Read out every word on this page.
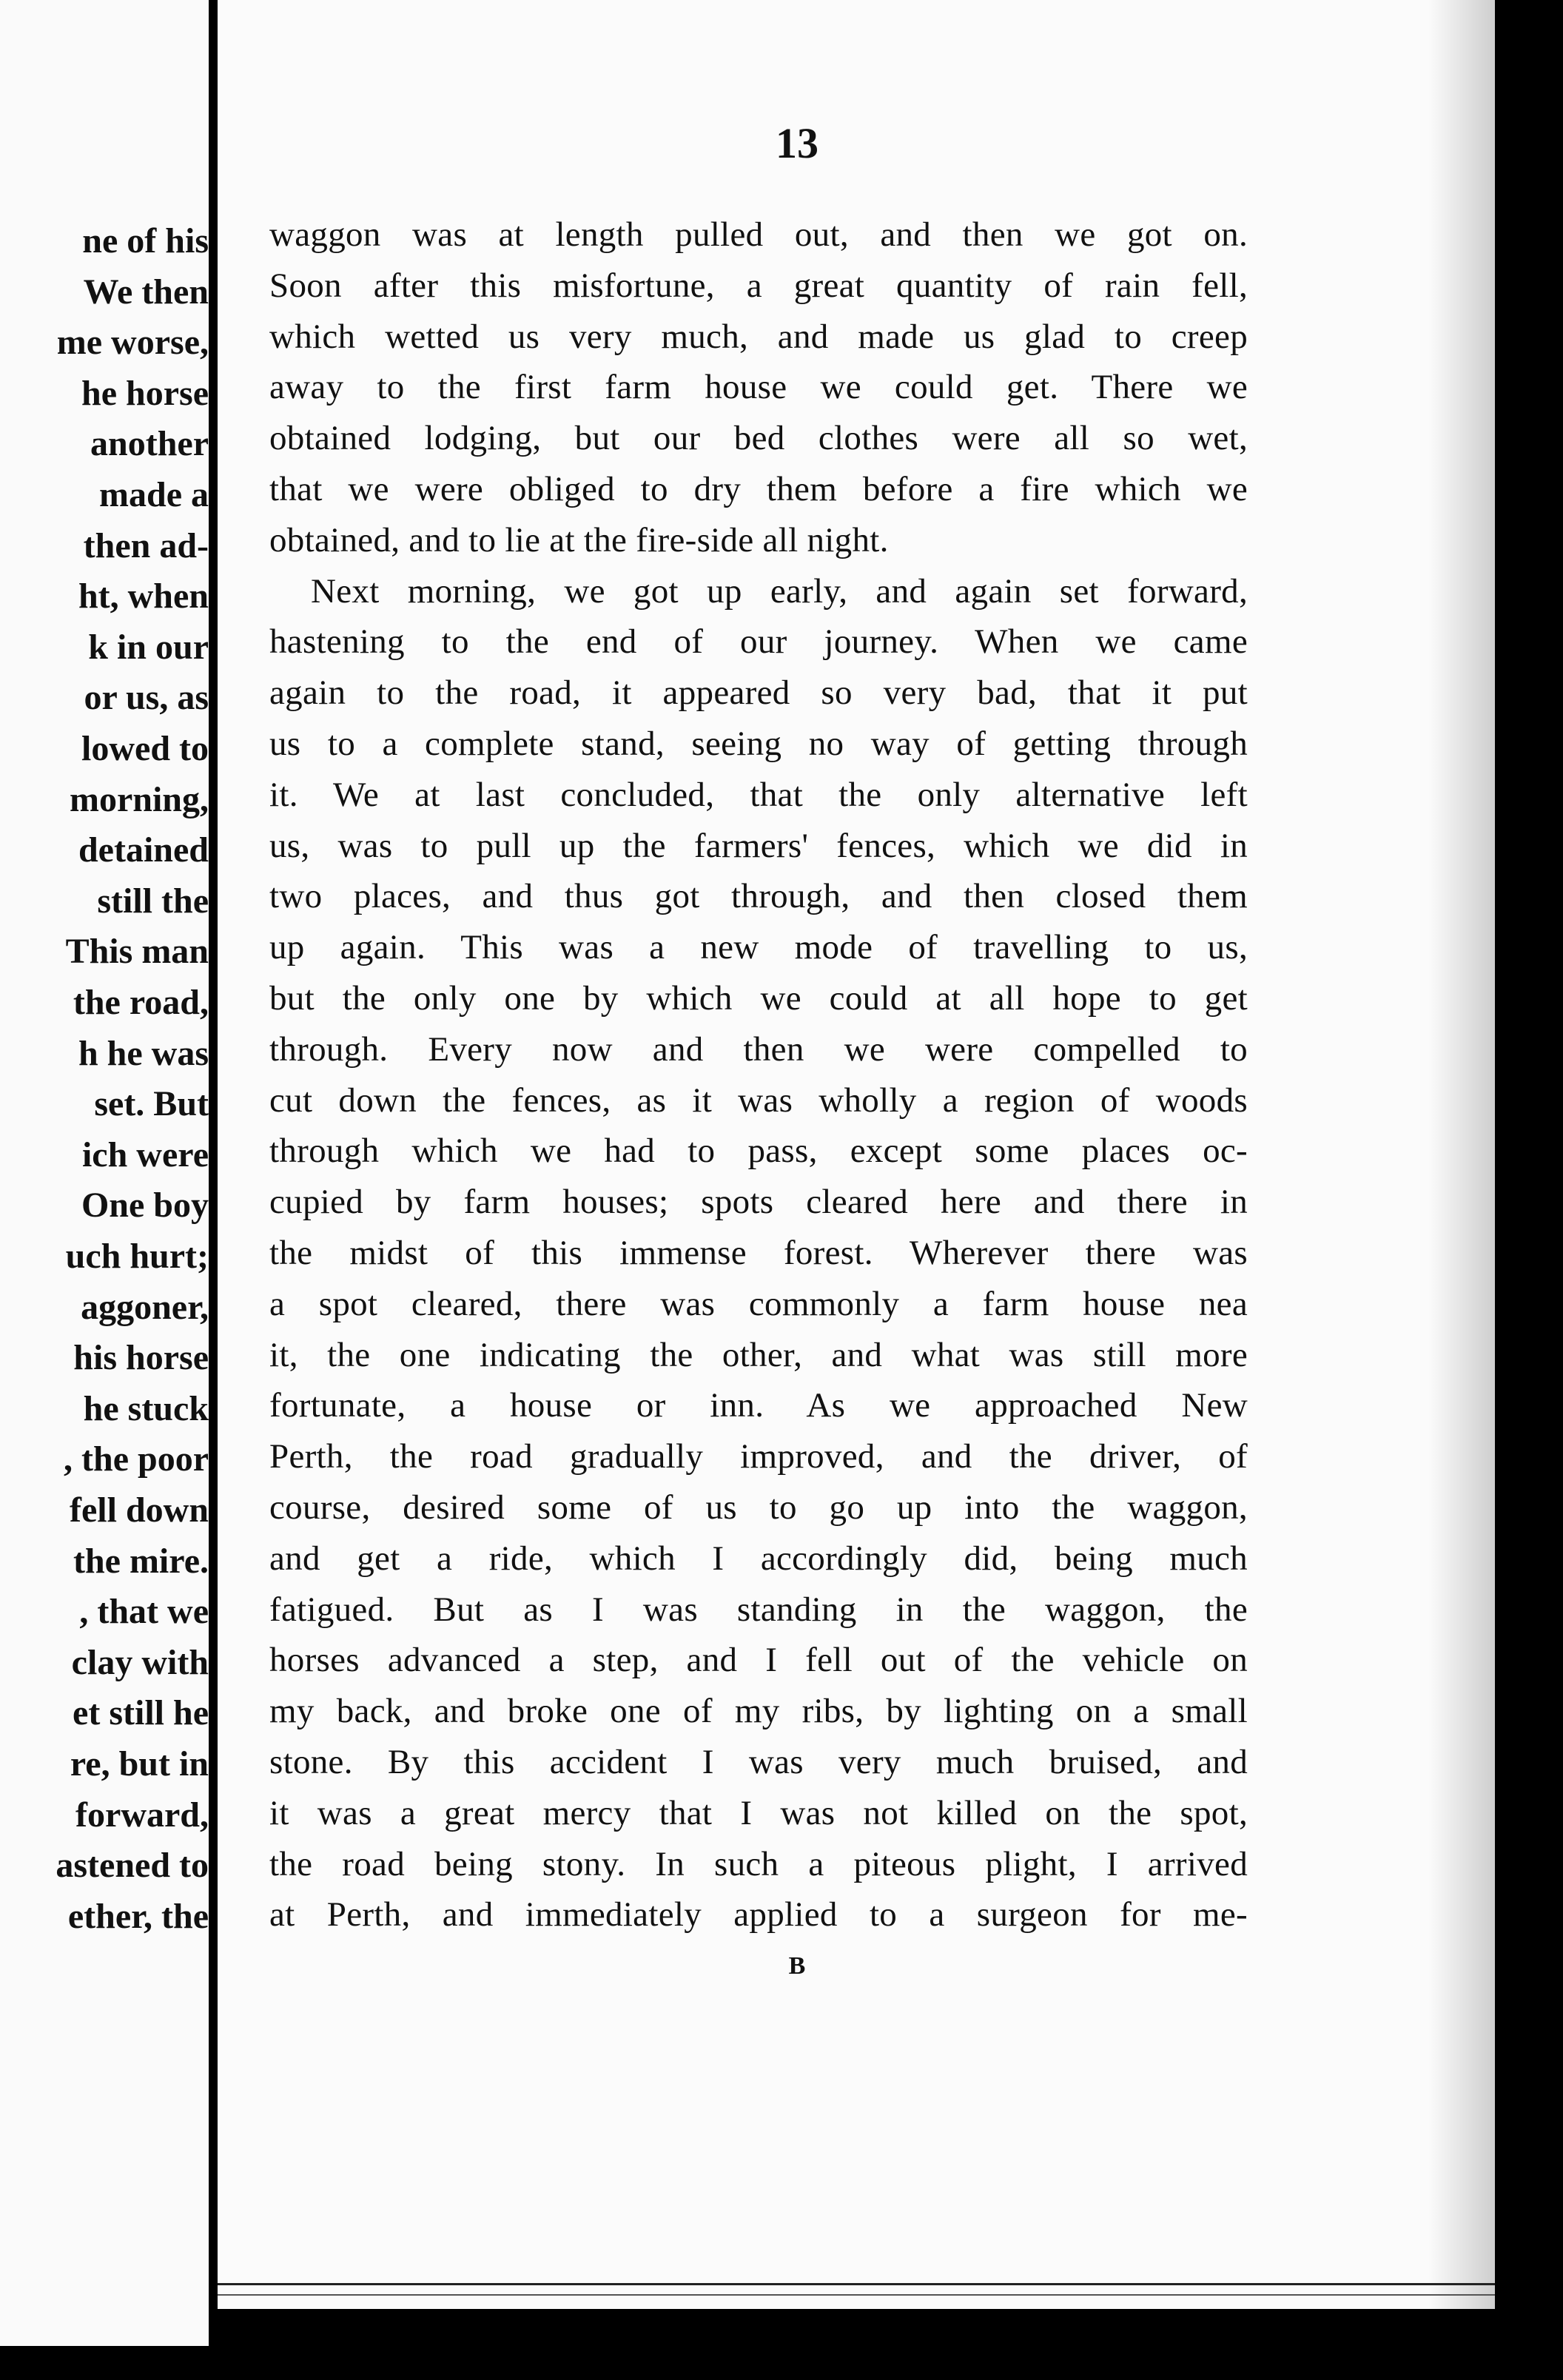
ne of his
We then
me worse,
he horse
another
made a
then ad-
ht, when
k in our
or us, as
lowed to
morning,
detained
still the
This man
the road,
h he was
set. But
ich were
One boy
uch hurt;
aggoner,
his horse
he stuck
, the poor
fell down
the mire.
, that we
clay with
et still he
re, but in
forward,
astened to
ether, the
13
waggon was at length pulled out, and then we got on.
Soon after this misfortune, a great quantity of rain fell,
which wetted us very much, and made us glad to creep
away to the first farm house we could get. There we
obtained lodging, but our bed clothes were all so wet,
that we were obliged to dry them before a fire which we
obtained, and to lie at the fire-side all night.
Next morning, we got up early, and again set forward,
hastening to the end of our journey. When we came
again to the road, it appeared so very bad, that it put
us to a complete stand, seeing no way of getting through
it. We at last concluded, that the only alternative left
us, was to pull up the farmers' fences, which we did in
two places, and thus got through, and then closed them
up again. This was a new mode of travelling to us,
but the only one by which we could at all hope to get
through. Every now and then we were compelled to
cut down the fences, as it was wholly a region of woods
through which we had to pass, except some places oc-
cupied by farm houses; spots cleared here and there in
the midst of this immense forest. Wherever there was
a spot cleared, there was commonly a farm house nea
it, the one indicating the other, and what was still more
fortunate, a house or inn. As we approached New
Perth, the road gradually improved, and the driver, of
course, desired some of us to go up into the waggon,
and get a ride, which I accordingly did, being much
fatigued. But as I was standing in the waggon, the
horses advanced a step, and I fell out of the vehicle on
my back, and broke one of my ribs, by lighting on a small
stone. By this accident I was very much bruised, and
it was a great mercy that I was not killed on the spot,
the road being stony. In such a piteous plight, I arrived
at Perth, and immediately applied to a surgeon for me-
B
